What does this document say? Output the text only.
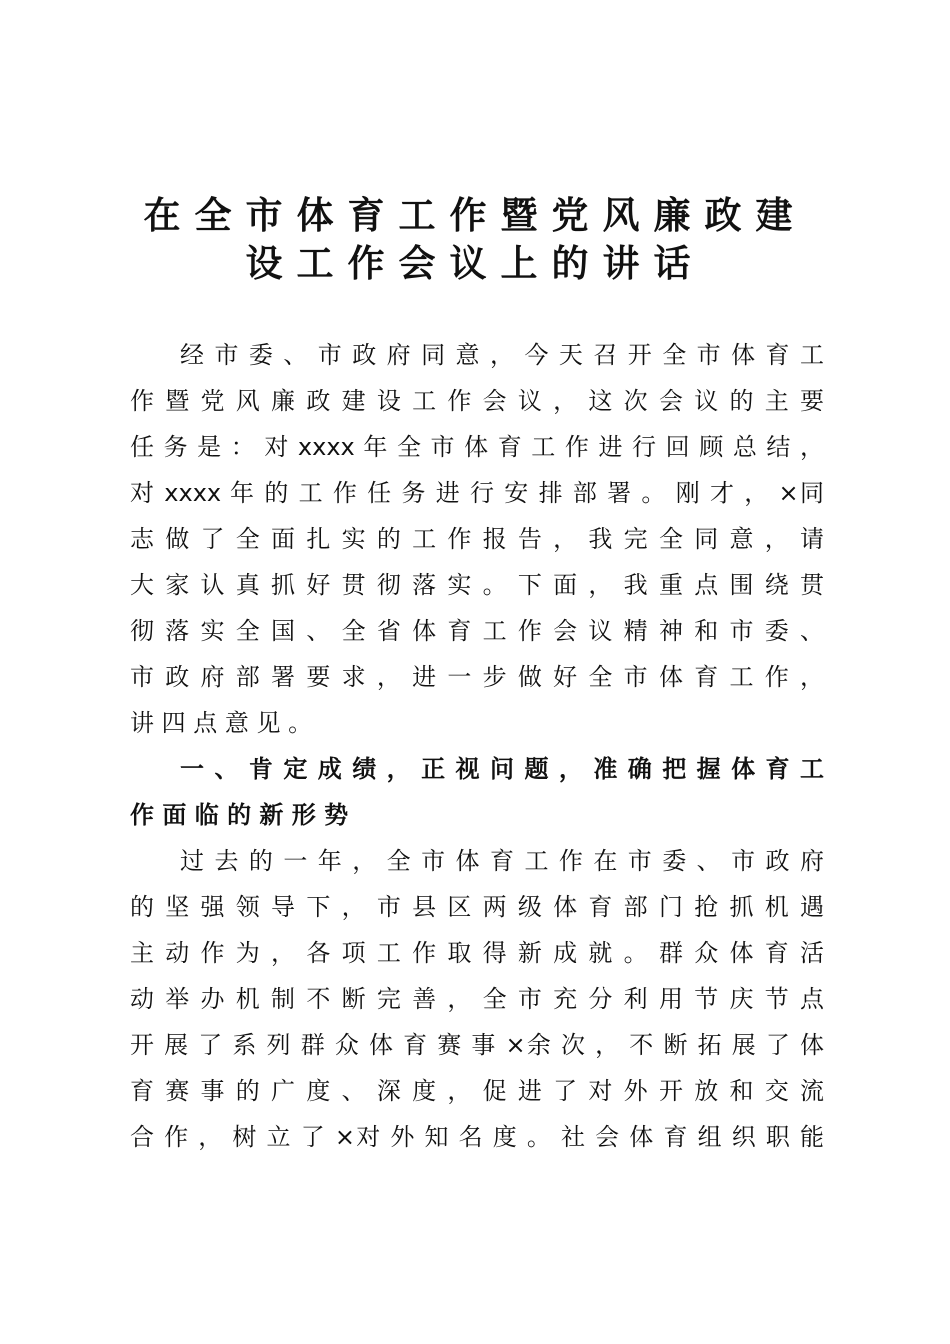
在全市体育工作暨党风廉政建
设工作会议上的讲话
经 市 委 、 市 政 府 同 意 ， 今 天 召 开 全 市 体 育 工
作 暨 党 风 廉 政 建 设 工 作 会 议 ， 这 次 会 议 的 主 要
任 务 是 ： 对 xxxx 年 全 市 体 育 工 作 进 行 回 顾 总 结 ，
对 xxxx 年 的 工 作 任 务 进 行 安 排 部 署 。 刚 才 ， ×同
志 做 了 全 面 扎 实 的 工 作 报 告 ， 我 完 全 同 意 ， 请
大 家 认 真 抓 好 贯 彻 落 实 。 下 面 ， 我 重 点 围 绕 贯
彻 落 实 全 国 、 全 省 体 育 工 作 会 议 精 神 和 市 委 、
市 政 府 部 署 要 求 ， 进 一 步 做 好 全 市 体 育 工 作 ，
讲 四 点 意 见 。
一 、 肯 定 成 绩 ， 正 视 问 题 ， 准 确 把 握 体 育 工
作 面 临 的 新 形 势
过 去 的 一 年 ， 全 市 体 育 工 作 在 市 委 、 市 政 府
的 坚 强 领 导 下 ， 市 县 区 两 级 体 育 部 门 抢 抓 机 遇
主 动 作 为 ， 各 项 工 作 取 得 新 成 就 。 群 众 体 育 活
动 举 办 机 制 不 断 完 善 ， 全 市 充 分 利 用 节 庆 节 点
开 展 了 系 列 群 众 体 育 赛 事 ×余 次 ， 不 断 拓 展 了 体
育 赛 事 的 广 度 、 深 度 ， 促 进 了 对 外 开 放 和 交 流
合 作 ， 树 立 了 ×对 外 知 名 度 。 社 会 体 育 组 织 职 能
